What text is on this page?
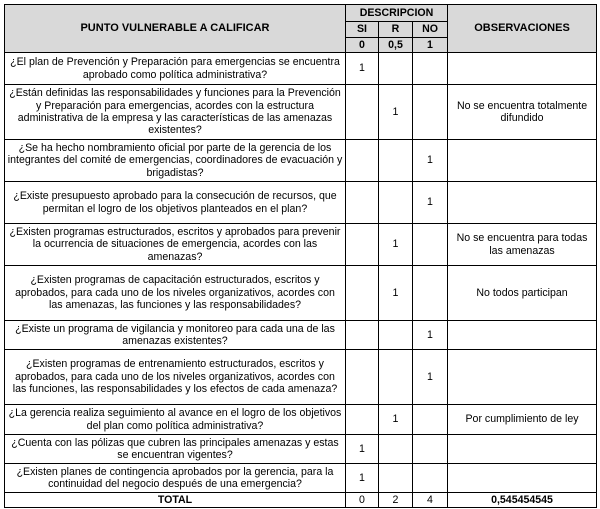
PUNTO VULNERABLE A CALIFICAR	DESCRIPCION			OBSERVACIONES
	SI	R	NO	
	0	0,5	1	
¿El plan de Prevención y Preparación para emergencias se encuentra aprobado como política administrativa?	1			
¿Están definidas las responsabilidades y funciones para la Prevención y Preparación para emergencias, acordes con la estructura administrativa de la empresa y las características de las amenazas existentes?		1		No se encuentra totalmente difundido
¿Se ha hecho nombramiento oficial por parte de la gerencia de los integrantes del comité de emergencias, coordinadores de evacuación y brigadistas?			1	
¿Existe presupuesto aprobado para la consecución de recursos, que permitan el logro de los objetivos planteados en el plan?			1	
¿Existen programas estructurados, escritos y aprobados para prevenir la ocurrencia de situaciones de emergencia, acordes con las amenazas?		1		No se encuentra para todas las amenazas
¿Existen programas de capacitación estructurados, escritos y aprobados, para cada uno de los niveles organizativos, acordes con las amenazas, las funciones y las responsabilidades?		1		No todos participan
¿Existe un programa de vigilancia y monitoreo para cada una de las amenazas existentes?			1	
¿Existen programas de entrenamiento estructurados, escritos y aprobados, para cada uno de los niveles organizativos, acordes con las funciones, las responsabilidades y los efectos de cada amenaza?			1	
¿La gerencia realiza seguimiento al avance en el logro de los objetivos del plan como política administrativa?		1		Por cumplimiento de ley
¿Cuenta con las pólizas que cubren las principales amenazas y estas se encuentran vigentes?	1			
¿Existen planes de contingencia aprobados por la gerencia, para la continuidad del negocio después de una emergencia?	1			
TOTAL	0	2	4	0,545454545
